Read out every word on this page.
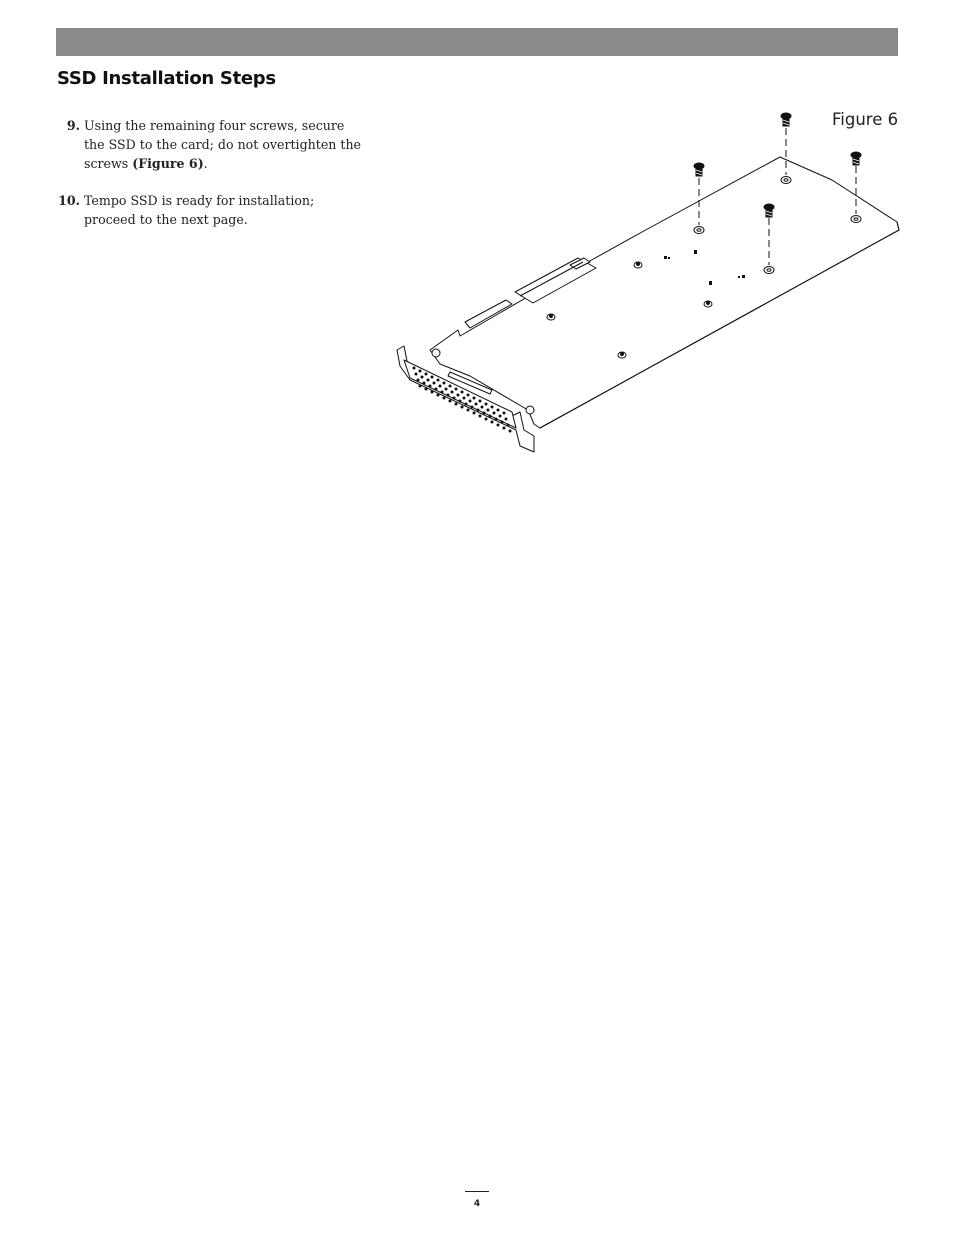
SSD Installation Steps
9. Using the remaining four screws, secure the SSD to the card; do not overtighten the screws (Figure 6).
10. Tempo SSD is ready for installation; proceed to the next page.
Figure 6
4
